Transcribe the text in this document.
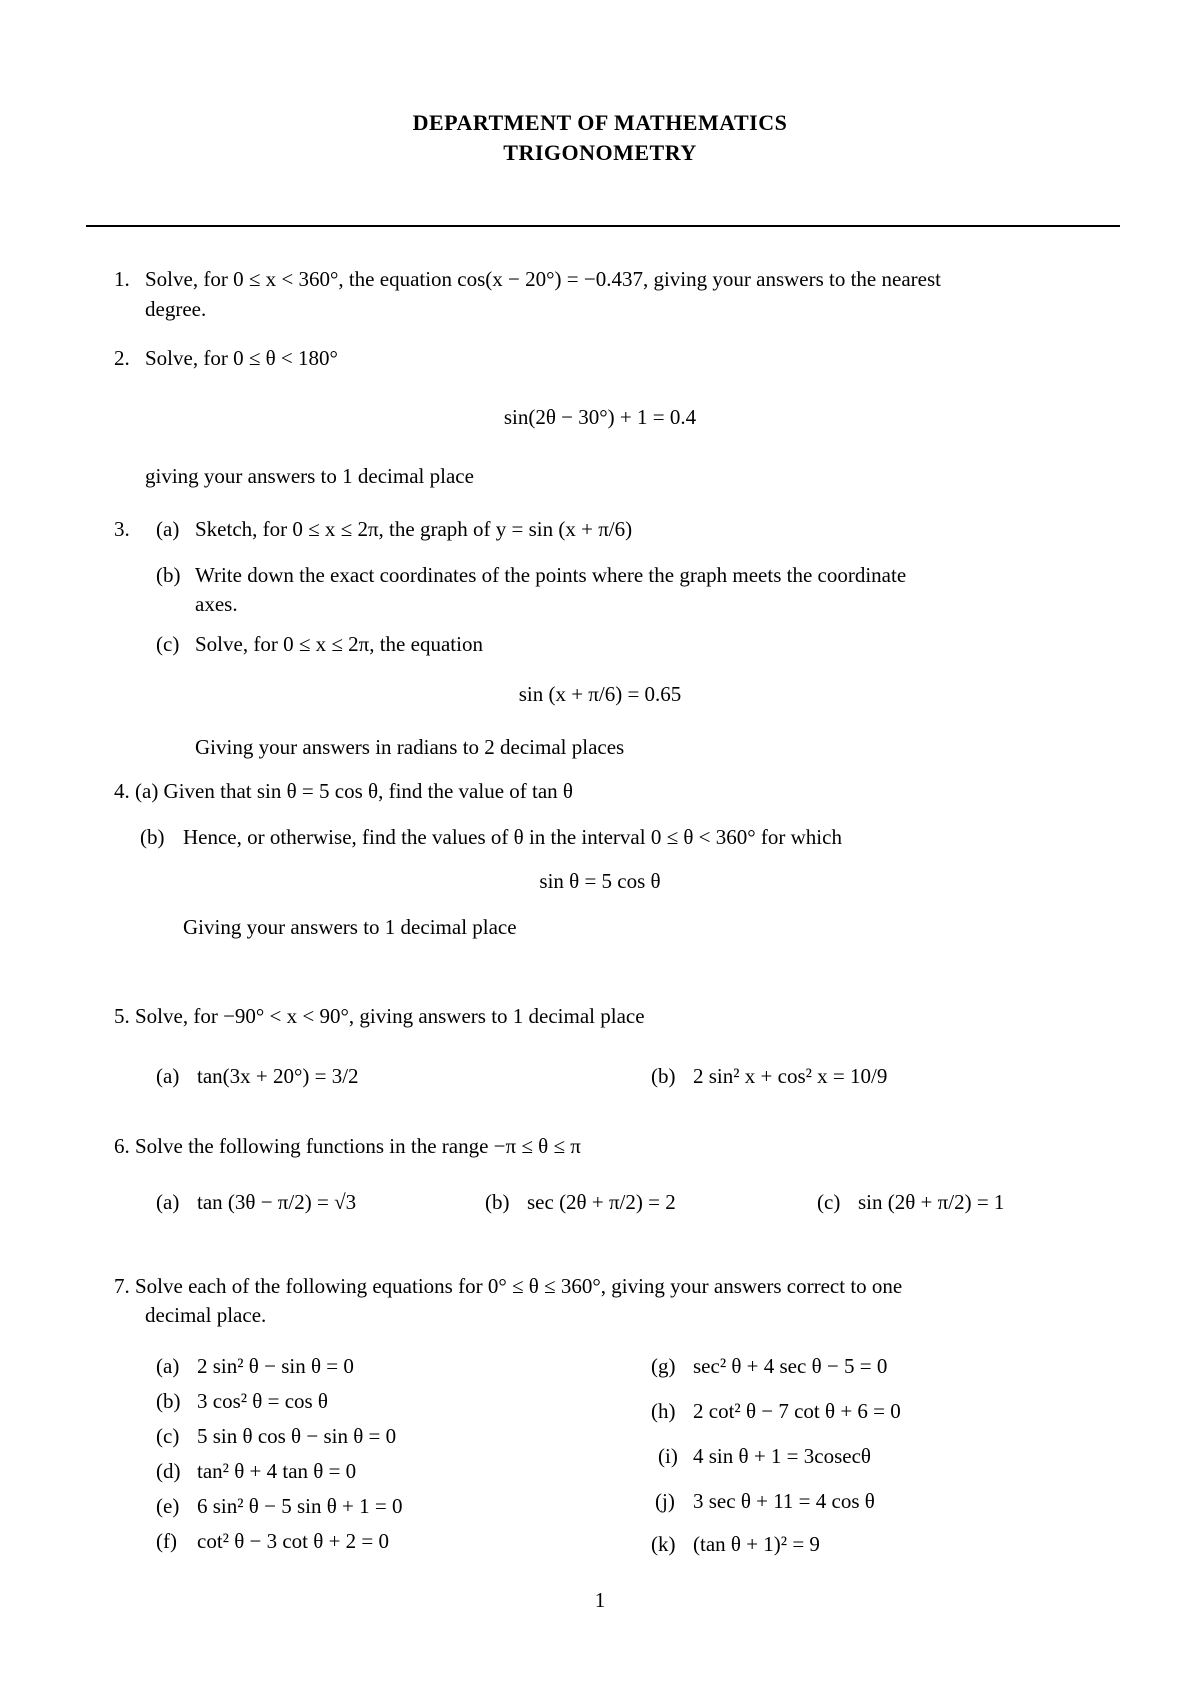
DEPARTMENT OF MATHEMATICS
TRIGONOMETRY
1. Solve, for 0 ≤ x < 360°, the equation cos(x − 20°) = −0.437, giving your answers to the nearest
degree.
2. Solve, for 0 ≤ θ < 180°
sin(2θ − 30°) + 1 = 0.4
giving your answers to 1 decimal place
3. (a) Sketch, for 0 ≤ x ≤ 2π, the graph of y = sin (x + π/6)
(b) Write down the exact coordinates of the points where the graph meets the coordinate
axes.
(c) Solve, for 0 ≤ x ≤ 2π, the equation
sin (x + π/6) = 0.65
Giving your answers in radians to 2 decimal places
4. (a) Given that sin θ = 5 cos θ, find the value of tan θ
(b) Hence, or otherwise, find the values of θ in the interval 0 ≤ θ < 360° for which
sin θ = 5 cos θ
Giving your answers to 1 decimal place
5. Solve, for −90° < x < 90°, giving answers to 1 decimal place
(a) tan(3x + 20°) = 3/2	(b) 2 sin² x + cos² x = 10/9
6. Solve the following functions in the range −π ≤ θ ≤ π
(a) tan (3θ − π/2) = √3	(b) sec (2θ + π/2) = 2	(c) sin (2θ + π/2) = 1
7. Solve each of the following equations for 0° ≤ θ ≤ 360°, giving your answers correct to one
decimal place.
(a) 2 sin² θ − sin θ = 0
(b) 3 cos² θ = cos θ
(c) 5 sin θ cos θ − sin θ = 0
(d) tan² θ + 4 tan θ = 0
(e) 6 sin² θ − 5 sin θ + 1 = 0
(f) cot² θ − 3 cot θ + 2 = 0
(g) sec² θ + 4 sec θ − 5 = 0
(h) 2 cot² θ − 7 cot θ + 6 = 0
(i) 4 sin θ + 1 = 3cosecθ
(j) 3 sec θ + 11 = 4 cos θ
(k) (tan θ + 1)² = 9
1
